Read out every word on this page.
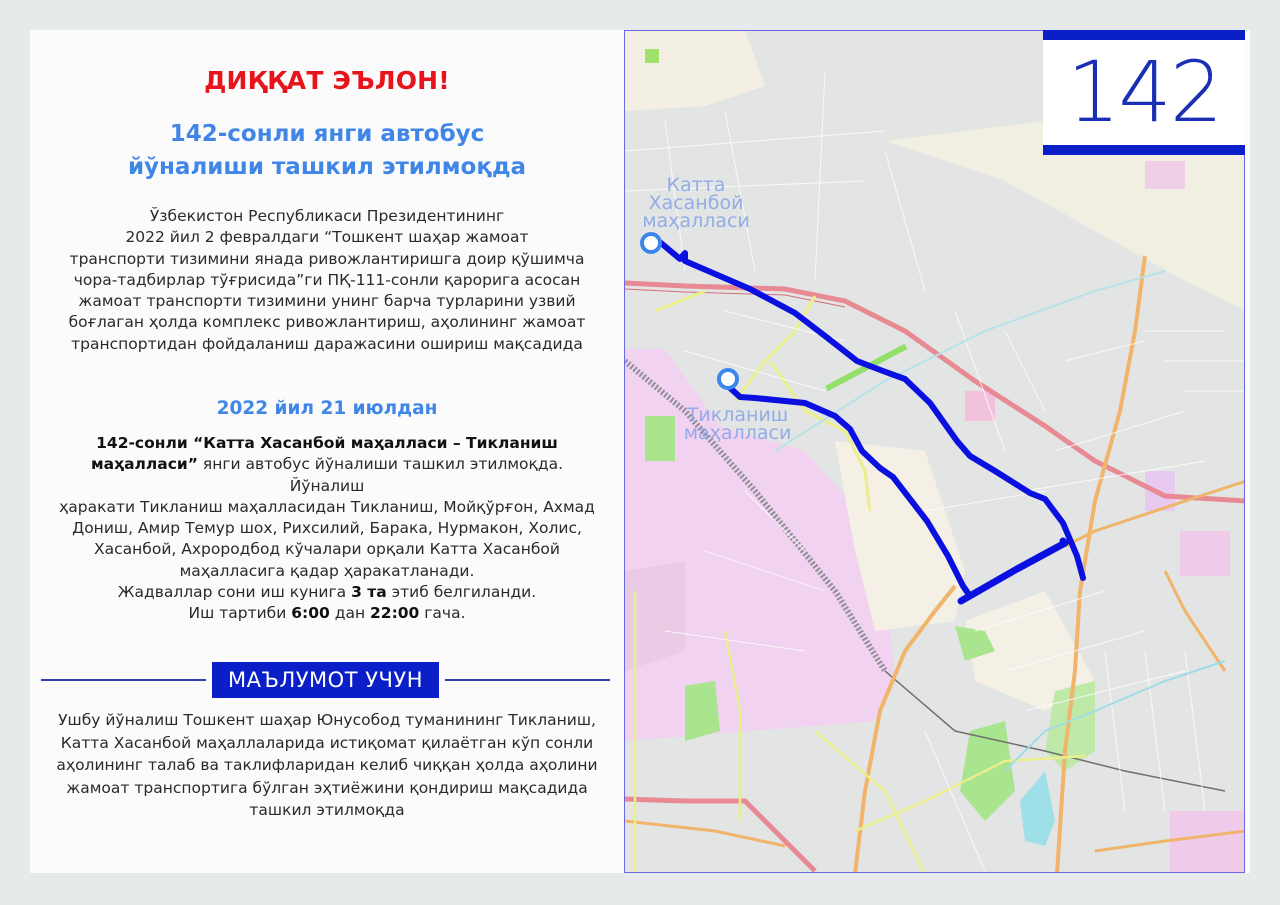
ДИҚҚАТ ЭЪЛОН!
142-сонли янги автобус
йўналиши ташкил этилмоқда
Ўзбекистон Республикаси Президентининг
2022 йил 2 февралдаги “Тошкент шаҳар жамоат
транспорти тизимини янада ривожлантиришга доир қўшимча
чора-тадбирлар тўғрисида”ги ПҚ-111-сонли қарорига асосан
жамоат транспорти тизимини унинг барча турларини узвий
боғлаган ҳолда комплекс ривожлантириш, аҳолининг жамоат
транспортидан фойдаланиш даражасини ошириш мақсадида
2022 йил 21 июлдан
142-сонли “Катта Хасанбой маҳалласи – Тикланиш
маҳалласи” янги автобус йўналиши ташкил этилмоқда. Йўналиш
ҳаракати Тикланиш маҳалласидан Тикланиш, Мойқўрғон, Ахмад
Дониш, Амир Темур шох, Рихсилий, Барака, Нурмакон, Холис,
Хасанбой, Ахрородбод кўчалари орқали Катта Хасанбой
маҳалласига қадар ҳаракатланади.
Жадваллар сони иш кунига 3 та этиб белгиланди.
Иш тартиби 6:00 дан 22:00 гача.
МАЪЛУМОТ УЧУН
Ушбу йўналиш Тошкент шаҳар Юнусобод туманининг Тикланиш,
Катта Хасанбой маҳаллаларида истиқомат қилаётган кўп сонли
аҳолининг талаб ва таклифларидан келиб чиққан ҳолда аҳолини
жамоат транспортига бўлган эҳтиёжини қондириш мақсадида
ташкил этилмоқда
Катта
Хасанбой
маҳалласи
Тикланиш
маҳалласи
142
